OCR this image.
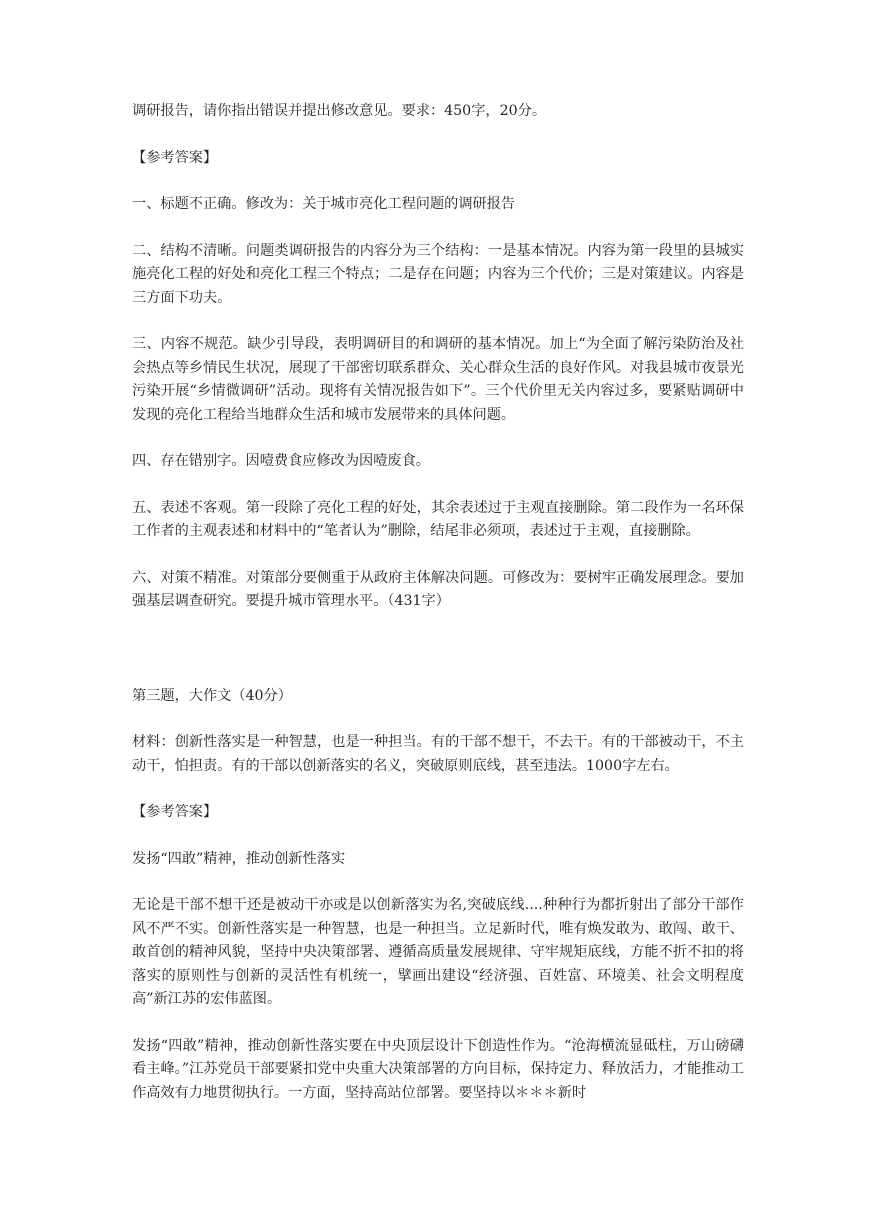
调研报告，请你指出错误并提出修改意见。要求：450字，20分。

【参考答案】

一、标题不正确。修改为：关于城市亮化工程问题的调研报告

二、结构不清晰。问题类调研报告的内容分为三个结构：一是基本情况。内容为第一段里的县城实施亮化工程的好处和亮化工程三个特点；二是存在问题；内容为三个代价；三是对策建议。内容是三方面下功夫。

三、内容不规范。缺少引导段，表明调研目的和调研的基本情况。加上“为全面了解污染防治及社会热点等乡情民生状况，展现了干部密切联系群众、关心群众生活的良好作风。对我县城市夜景光污染开展“乡情微调研”活动。现将有关情况报告如下”。三个代价里无关内容过多，要紧贴调研中发现的亮化工程给当地群众生活和城市发展带来的具体问题。

四、存在错别字。因噎费食应修改为因噎废食。

五、表述不客观。第一段除了亮化工程的好处，其余表述过于主观直接删除。第二段作为一名环保工作者的主观表述和材料中的“笔者认为”删除，结尾非必须项，表述过于主观，直接删除。

六、对策不精准。对策部分要侧重于从政府主体解决问题。可修改为：要树牢正确发展理念。要加强基层调查研究。要提升城市管理水平。（431字）

第三题，大作文（40分）

材料：创新性落实是一种智慧，也是一种担当。有的干部不想干，不去干。有的干部被动干，不主动干，怕担责。有的干部以创新落实的名义，突破原则底线，甚至违法。1000字左右。

【参考答案】

发扬“四敢”精神，推动创新性落实

无论是干部不想干还是被动干亦或是以创新落实为名,突破底线....种种行为都折射出了部分干部作风不严不实。创新性落实是一种智慧，也是一种担当。立足新时代，唯有焕发敢为、敢闯、敢干、敢首创的精神风貌，坚持中央决策部署、遵循高质量发展规律、守牢规矩底线，方能不折不扣的将落实的原则性与创新的灵活性有机统一，擘画出建设“经济强、百姓富、环境美、社会文明程度高”新江苏的宏伟蓝图。

发扬“四敢”精神，推动创新性落实要在中央顶层设计下创造性作为。“沧海横流显砥柱，万山磅礴看主峰。”江苏党员干部要紧扣党中央重大决策部署的方向目标，保持定力、释放活力，才能推动工作高效有力地贯彻执行。一方面，坚持高站位部署。要坚持以＊＊＊新时
